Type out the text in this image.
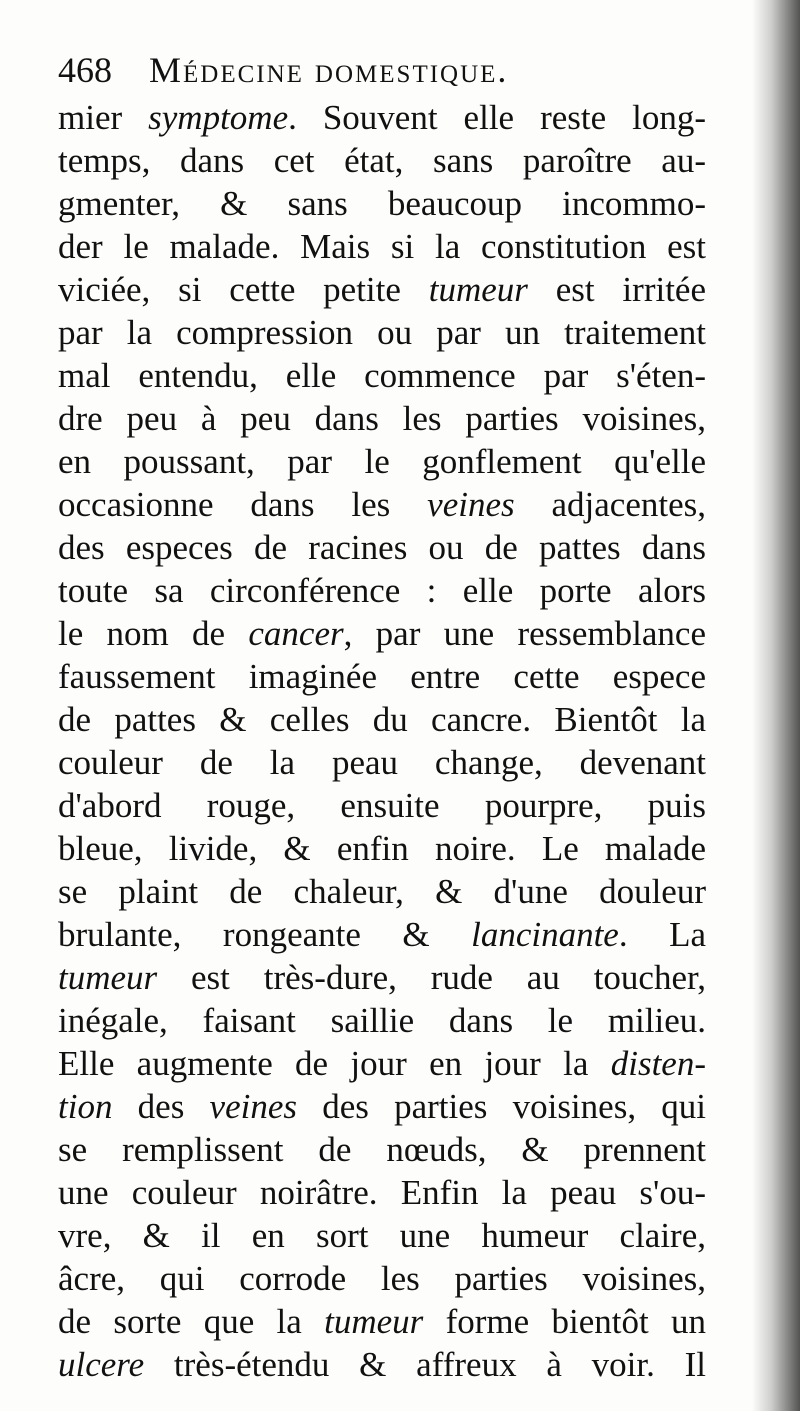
468 Médecine domestique.
mier symptome. Souvent elle reste long-
temps, dans cet état, sans paroître au-
gmenter, & sans beaucoup incommo-
der le malade. Mais si la constitution est
viciée, si cette petite tumeur est irritée
par la compression ou par un traitement
mal entendu, elle commence par s'éten-
dre peu à peu dans les parties voisines,
en poussant, par le gonflement qu'elle
occasionne dans les veines adjacentes,
des especes de racines ou de pattes dans
toute sa circonférence : elle porte alors
le nom de cancer, par une ressemblance
faussement imaginée entre cette espece
de pattes & celles du cancre. Bientôt la
couleur de la peau change, devenant
d'abord rouge, ensuite pourpre, puis
bleue, livide, & enfin noire. Le malade
se plaint de chaleur, & d'une douleur
brulante, rongeante & lancinante. La
tumeur est très-dure, rude au toucher,
inégale, faisant saillie dans le milieu.
Elle augmente de jour en jour la disten-
tion des veines des parties voisines, qui
se remplissent de nœuds, & prennent
une couleur noirâtre. Enfin la peau s'ou-
vre, & il en sort une humeur claire,
âcre, qui corrode les parties voisines,
de sorte que la tumeur forme bientôt un
ulcere très-étendu & affreux à voir. Il
